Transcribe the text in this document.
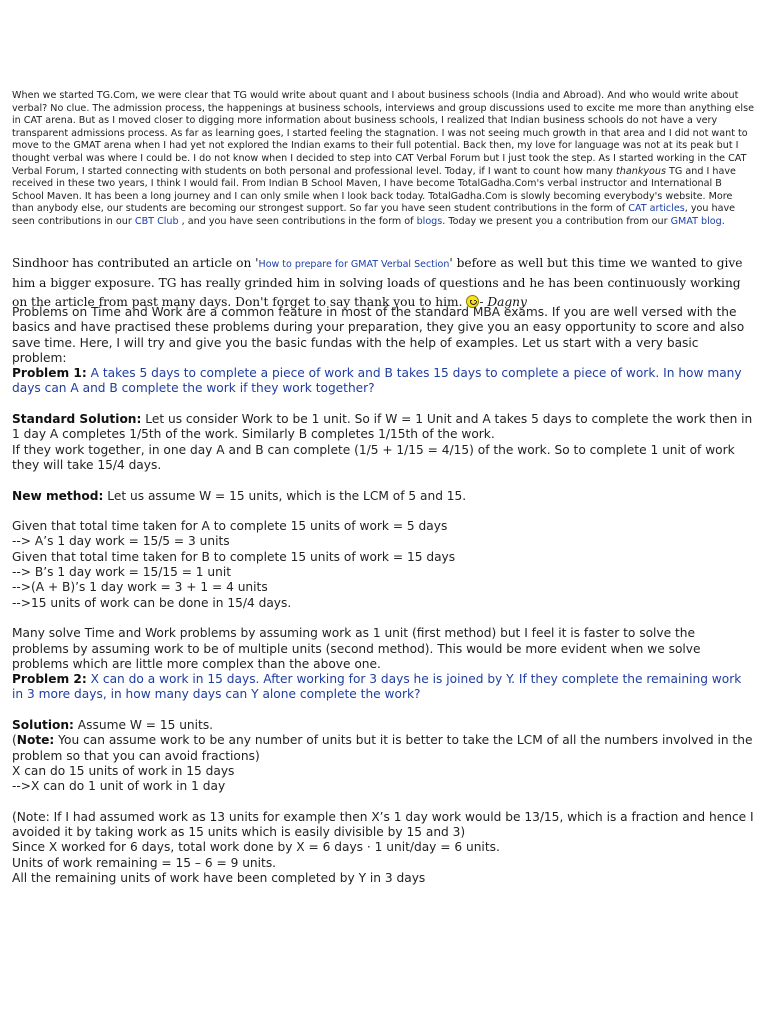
When we started TG.Com, we were clear that TG would write about quant and I about business schools (India and Abroad). And who would write about verbal? No clue. The admission process, the happenings at business schools, interviews and group discussions used to excite me more than anything else in CAT arena. But as I moved closer to digging more information about business schools, I realized that Indian business schools do not have a very transparent admissions process. As far as learning goes, I started feeling the stagnation. I was not seeing much growth in that area and I did not want to move to the GMAT arena when I had yet not explored the Indian exams to their full potential. Back then, my love for language was not at its peak but I thought verbal was where I could be. I do not know when I decided to step into CAT Verbal Forum but I just took the step. As I started working in the CAT Verbal Forum, I started connecting with students on both personal and professional level. Today, if I want to count how many thankyous TG and I have received in these two years, I think I would fail. From Indian B School Maven, I have become TotalGadha.Com's verbal instructor and International B School Maven. It has been a long journey and I can only smile when I look back today. TotalGadha.Com is slowly becoming everybody's website. More than anybody else, our students are becoming our strongest support. So far you have seen student contributions in the form of CAT articles, you have seen contributions in our CBT Club , and you have seen contributions in the form of blogs. Today we present you a contribution from our GMAT blog.
Sindhoor has contributed an article on 'How to prepare for GMAT Verbal Section' before as well but this time we wanted to give him a bigger exposure. TG has really grinded him in solving loads of questions and he has been continuously working on the article from past many days. Don't forget to say thank you to him. - Dagny

Problems on Time and Work are a common feature in most of the standard MBA exams. If you are well versed with the basics and have practised these problems during your preparation, they give you an easy opportunity to score and also save time. Here, I will try and give you the basic fundas with the help of examples. Let us start with a very basic problem:

Problem 1: A takes 5 days to complete a piece of work and B takes 15 days to complete a piece of work. In how many days can A and B complete the work if they work together?

Standard Solution: Let us consider Work to be 1 unit. So if W = 1 Unit and A takes 5 days to complete the work then in 1 day A completes 1/5th of the work. Similarly B completes 1/15th of the work.

If they work together, in one day A and B can complete (1/5 + 1/15 = 4/15) of the work. So to complete 1 unit of work they will take 15/4 days.

New method: Let us assume W = 15 units, which is the LCM of 5 and 15.

Given that total time taken for A to complete 15 units of work = 5 days

--> A’s 1 day work = 15/5 = 3 units

Given that total time taken for B to complete 15 units of work = 15 days

--> B’s 1 day work = 15/15 = 1 unit

-->(A + B)’s 1 day work = 3 + 1 = 4 units

-->15 units of work can be done in 15/4 days.

Many solve Time and Work problems by assuming work as 1 unit (first method) but I feel it is faster to solve the problems by assuming work to be of multiple units (second method). This would be more evident when we solve problems which are little more complex than the above one.

Problem 2: X can do a work in 15 days. After working for 3 days he is joined by Y. If they complete the remaining work in 3 more days, in how many days can Y alone complete the work?

Solution: Assume W = 15 units.

(Note: You can assume work to be any number of units but it is better to take the LCM of all the numbers involved in the problem so that you can avoid fractions)

X can do 15 units of work in 15 days

-->X can do 1 unit of work in 1 day

(Note: If I had assumed work as 13 units for example then X’s 1 day work would be 13/15, which is a fraction and hence I avoided it by taking work as 15 units which is easily divisible by 15 and 3)

Since X worked for 6 days, total work done by X = 6 days · 1 unit/day = 6 units.

Units of work remaining = 15 – 6 = 9 units.

All the remaining units of work have been completed by Y in 3 days
